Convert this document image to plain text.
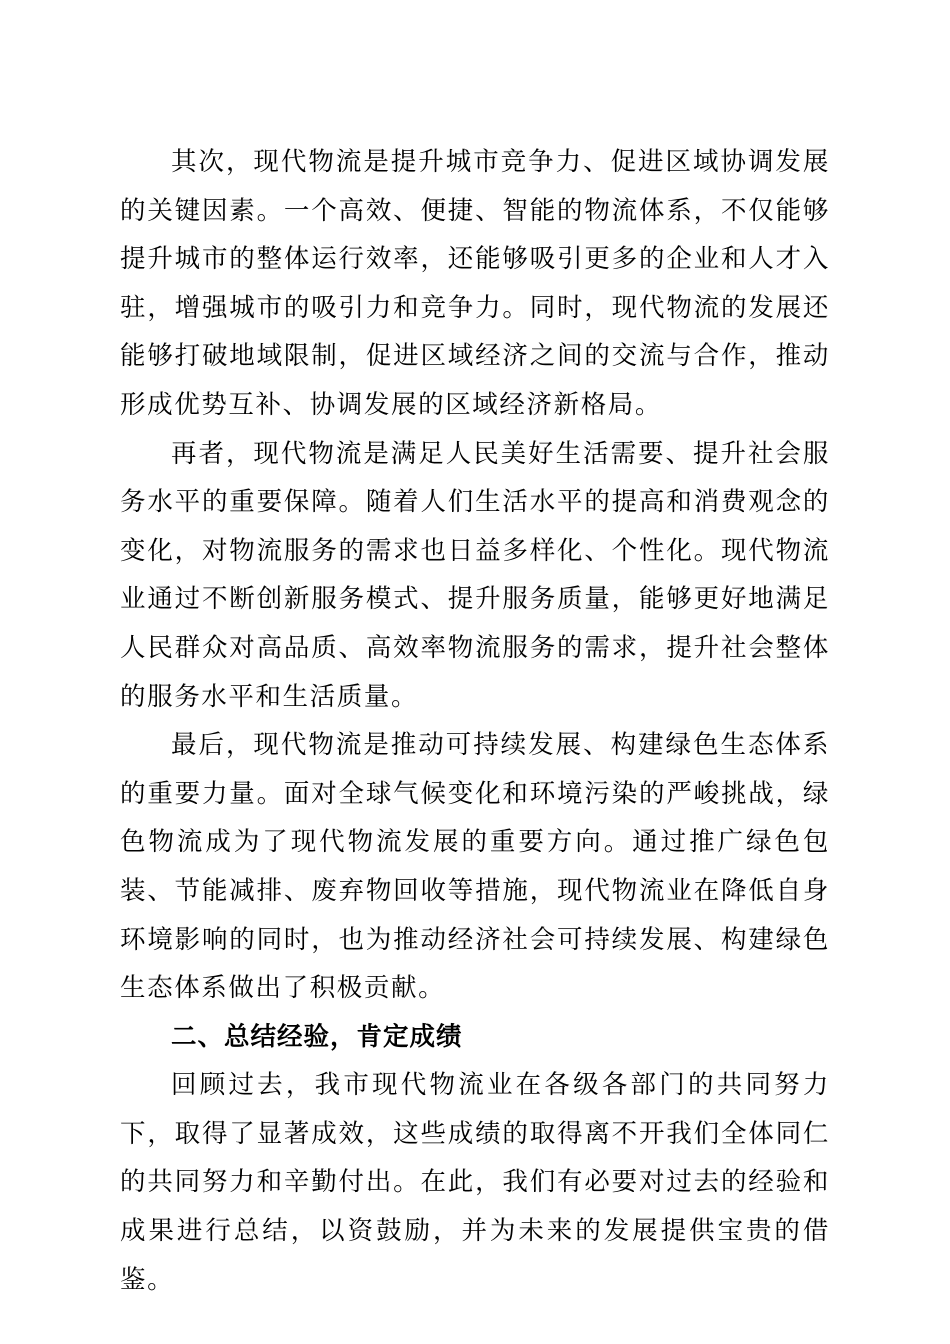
其次，现代物流是提升城市竞争力、促进区域协调发展的关键因素。一个高效、便捷、智能的物流体系，不仅能够提升城市的整体运行效率，还能够吸引更多的企业和人才入驻，增强城市的吸引力和竞争力。同时，现代物流的发展还能够打破地域限制，促进区域经济之间的交流与合作，推动形成优势互补、协调发展的区域经济新格局。

再者，现代物流是满足人民美好生活需要、提升社会服务水平的重要保障。随着人们生活水平的提高和消费观念的变化，对物流服务的需求也日益多样化、个性化。现代物流业通过不断创新服务模式、提升服务质量，能够更好地满足人民群众对高品质、高效率物流服务的需求，提升社会整体的服务水平和生活质量。

最后，现代物流是推动可持续发展、构建绿色生态体系的重要力量。面对全球气候变化和环境污染的严峻挑战，绿色物流成为了现代物流发展的重要方向。通过推广绿色包装、节能减排、废弃物回收等措施，现代物流业在降低自身环境影响的同时，也为推动经济社会可持续发展、构建绿色生态体系做出了积极贡献。

二、总结经验，肯定成绩

回顾过去，我市现代物流业在各级各部门的共同努力下，取得了显著成效，这些成绩的取得离不开我们全体同仁的共同努力和辛勤付出。在此，我们有必要对过去的经验和成果进行总结，以资鼓励，并为未来的发展提供宝贵的借鉴。
